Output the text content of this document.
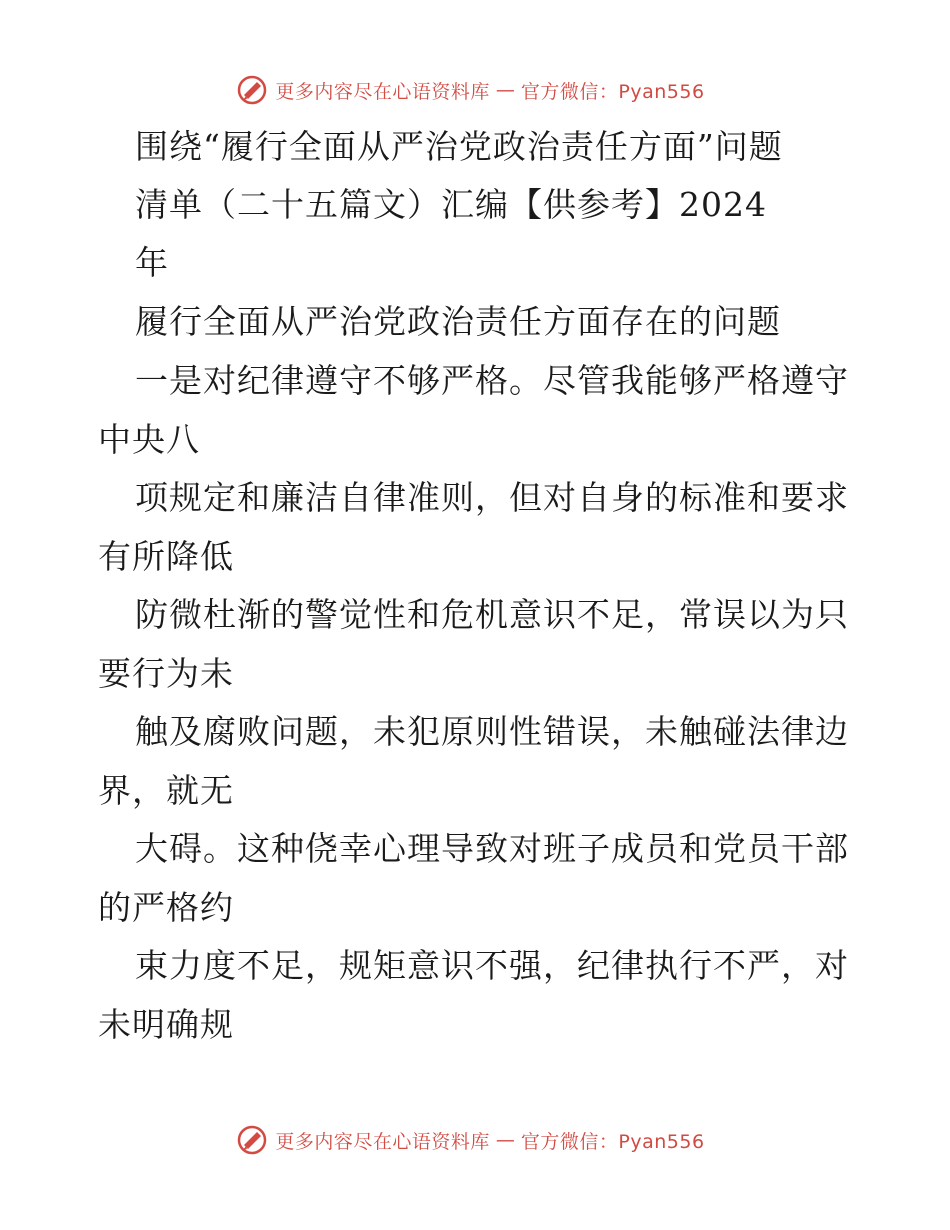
更多内容尽在心语资料库 — 官方微信：Pyan556
围绕“履行全面从严治党政治责任方面”问题
清单（二十五篇文）汇编【供参考】2024
年
履行全面从严治党政治责任方面存在的问题
一是对纪律遵守不够严格。尽管我能够严格遵守
中央八
项规定和廉洁自律准则，但对自身的标准和要求
有所降低
防微杜渐的警觉性和危机意识不足，常误以为只
要行为未
触及腐败问题，未犯原则性错误，未触碰法律边
界，就无
大碍。这种侥幸心理导致对班子成员和党员干部
的严格约
束力度不足，规矩意识不强，纪律执行不严，对
未明确规
更多内容尽在心语资料库 — 官方微信：Pyan556
